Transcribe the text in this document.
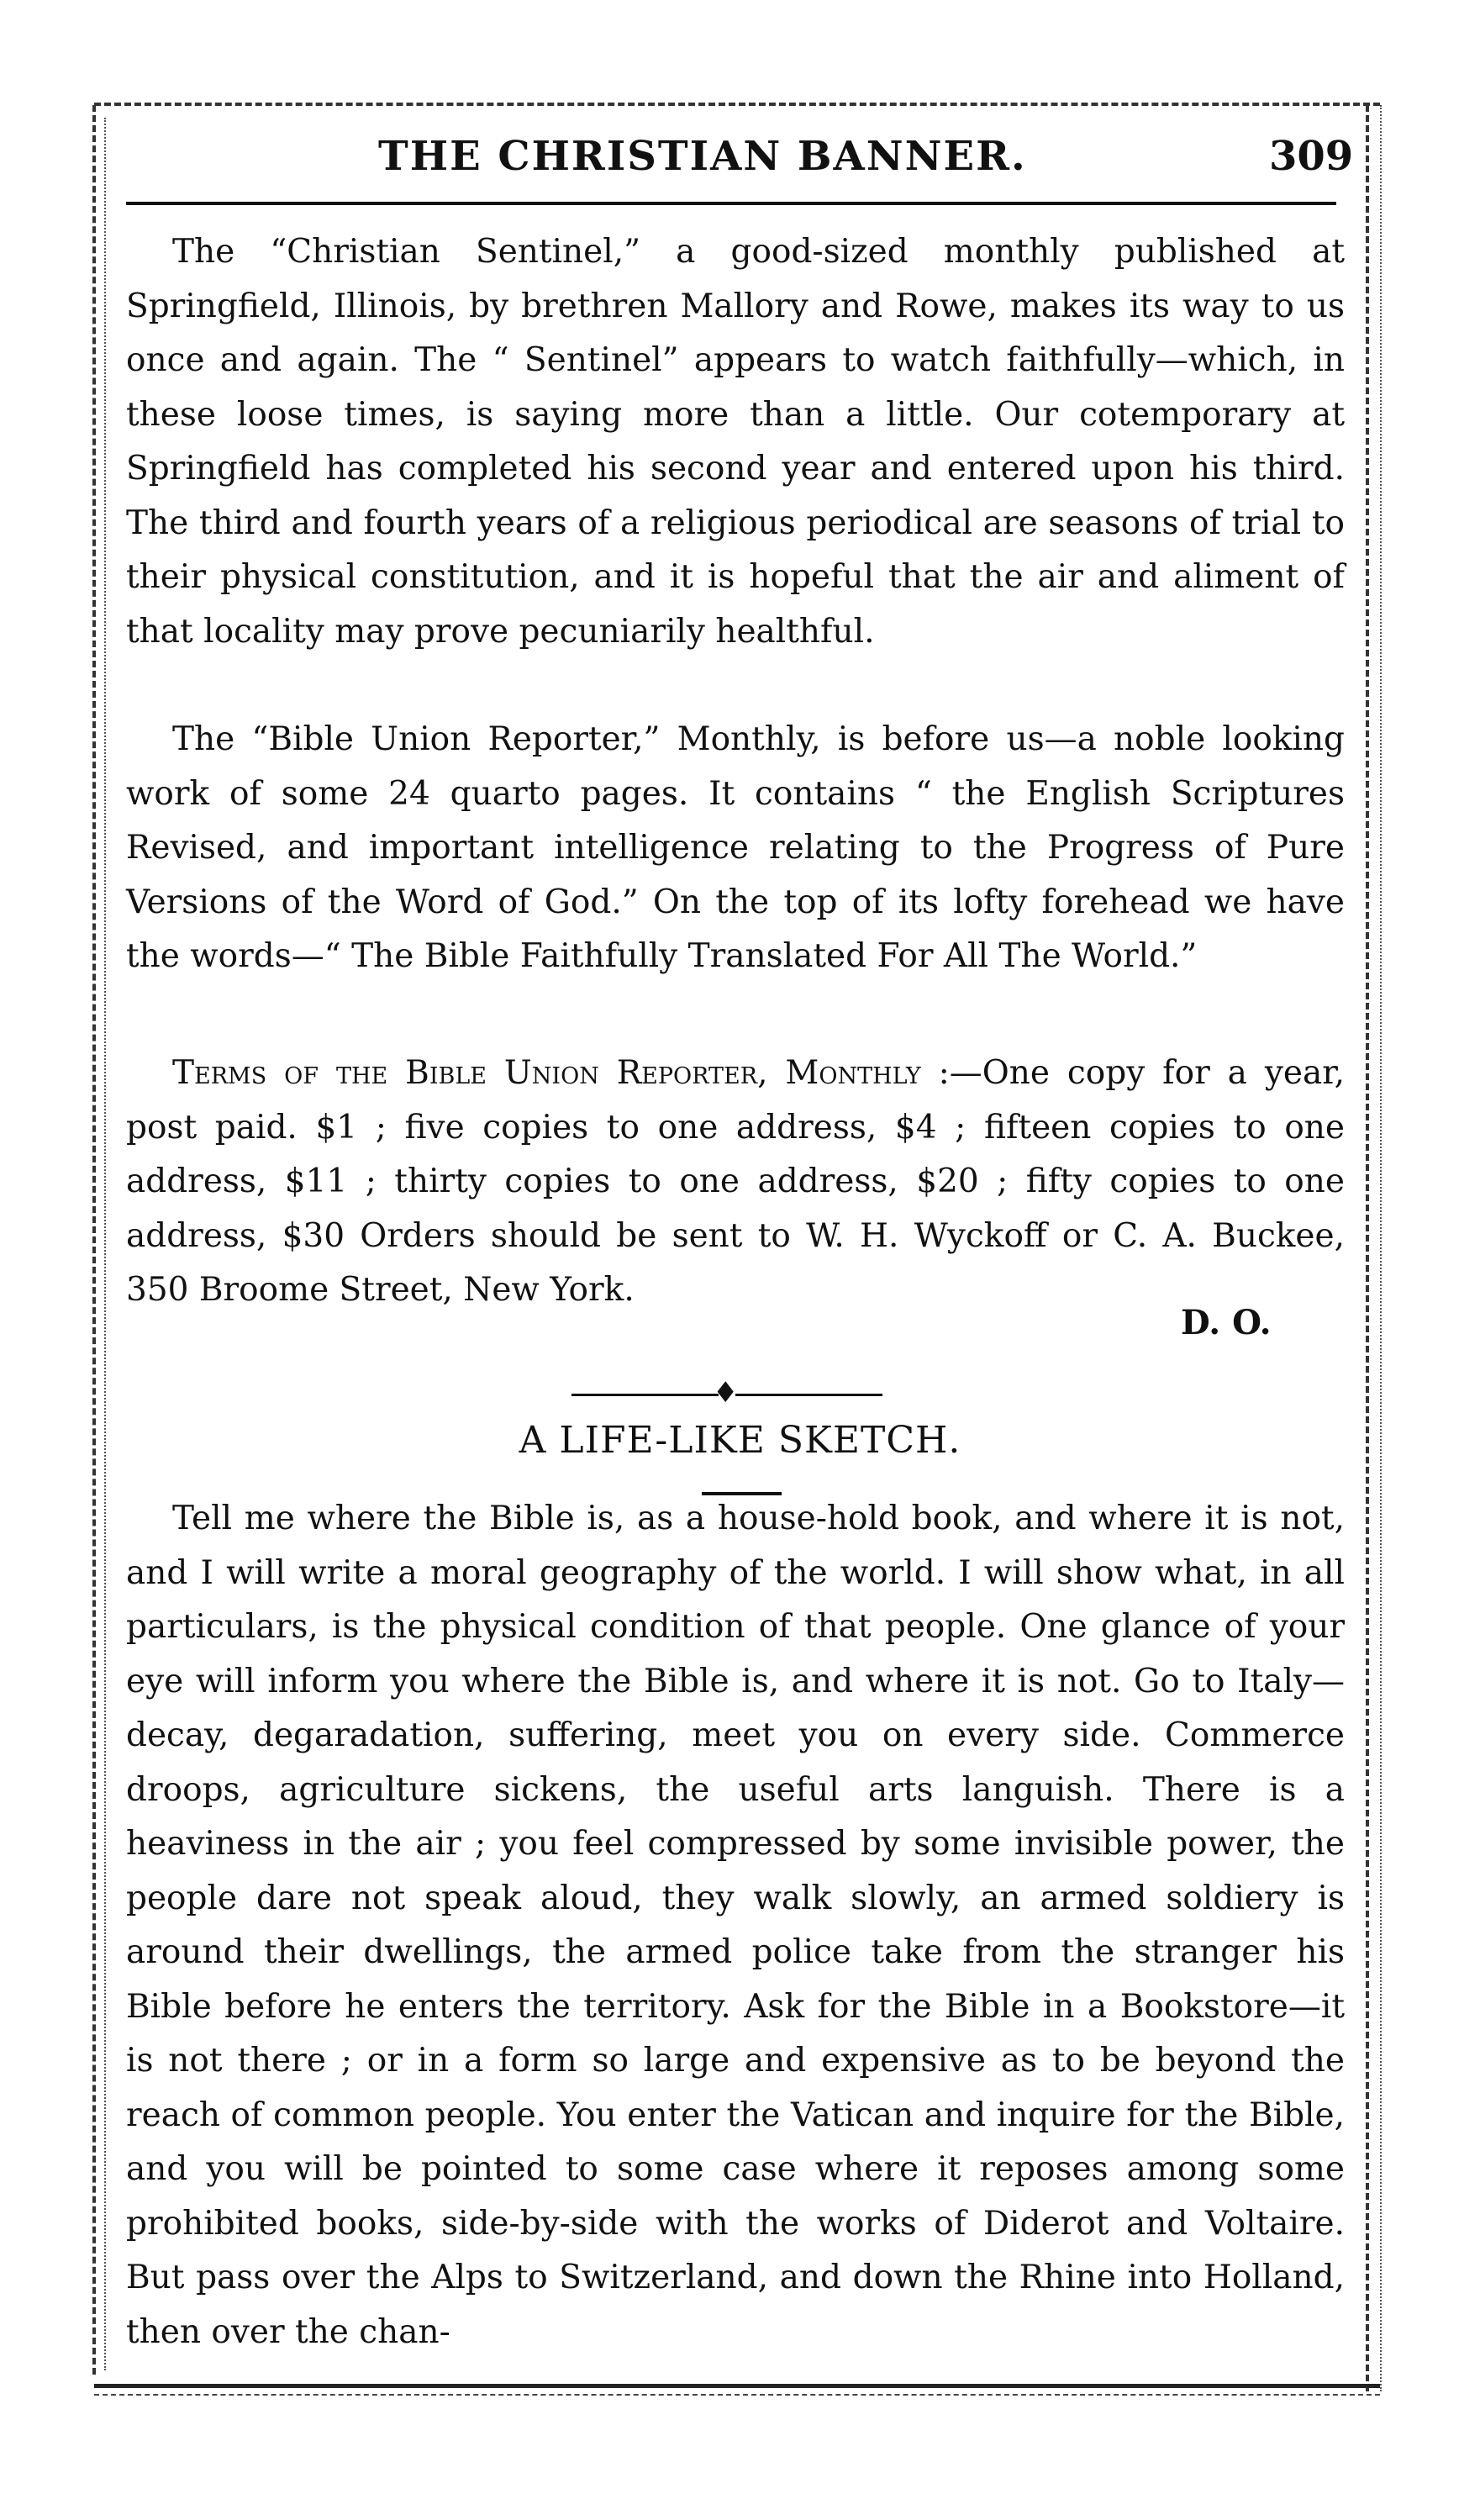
THE CHRISTIAN BANNER.	309

The “Christian Sentinel,” a good-sized monthly published at Springfield, Illinois, by brethren Mallory and Rowe, makes its way to us once and again. The “ Sentinel” appears to watch faithfully—which, in these loose times, is saying more than a little. Our cotemporary at Springfield has completed his second year and entered upon his third. The third and fourth years of a religious periodical are seasons of trial to their physical constitution, and it is hopeful that the air and aliment of that locality may prove pecuniarily healthful.

The “Bible Union Reporter,” Monthly, is before us—a noble looking work of some 24 quarto pages. It contains “ the English Scriptures Revised, and important intelligence relating to the Progress of Pure Versions of the Word of God.” On the top of its lofty forehead we have the words—“ The Bible Faithfully Translated For All The World.”

Terms of the Bible Union Reporter, Monthly :—One copy for a year, post paid. $1 ; five copies to one address, $4 ; fifteen copies to one address, $11 ; thirty copies to one address, $20 ; fifty copies to one address, $30 Orders should be sent to W. H. Wyckoff or C. A. Buckee, 350 Broome Street, New York.

D. O.
♦
A LIFE-LIKE SKETCH.

Tell me where the Bible is, as a house-hold book, and where it is not, and I will write a moral geography of the world. I will show what, in all particulars, is the physical condition of that people. One glance of your eye will inform you where the Bible is, and where it is not. Go to Italy—decay, degaradation, suffering, meet you on every side. Commerce droops, agriculture sickens, the useful arts languish. There is a heaviness in the air ; you feel compressed by some invisible power, the people dare not speak aloud, they walk slowly, an armed soldiery is around their dwellings, the armed police take from the stranger his Bible before he enters the territory. Ask for the Bible in a Bookstore—it is not there ; or in a form so large and expensive as to be beyond the reach of common people. You enter the Vatican and inquire for the Bible, and you will be pointed to some case where it reposes among some prohibited books, side-by-side with the works of Diderot and Voltaire. But pass over the Alps to Switzerland, and down the Rhine into Holland, then over the chan-
